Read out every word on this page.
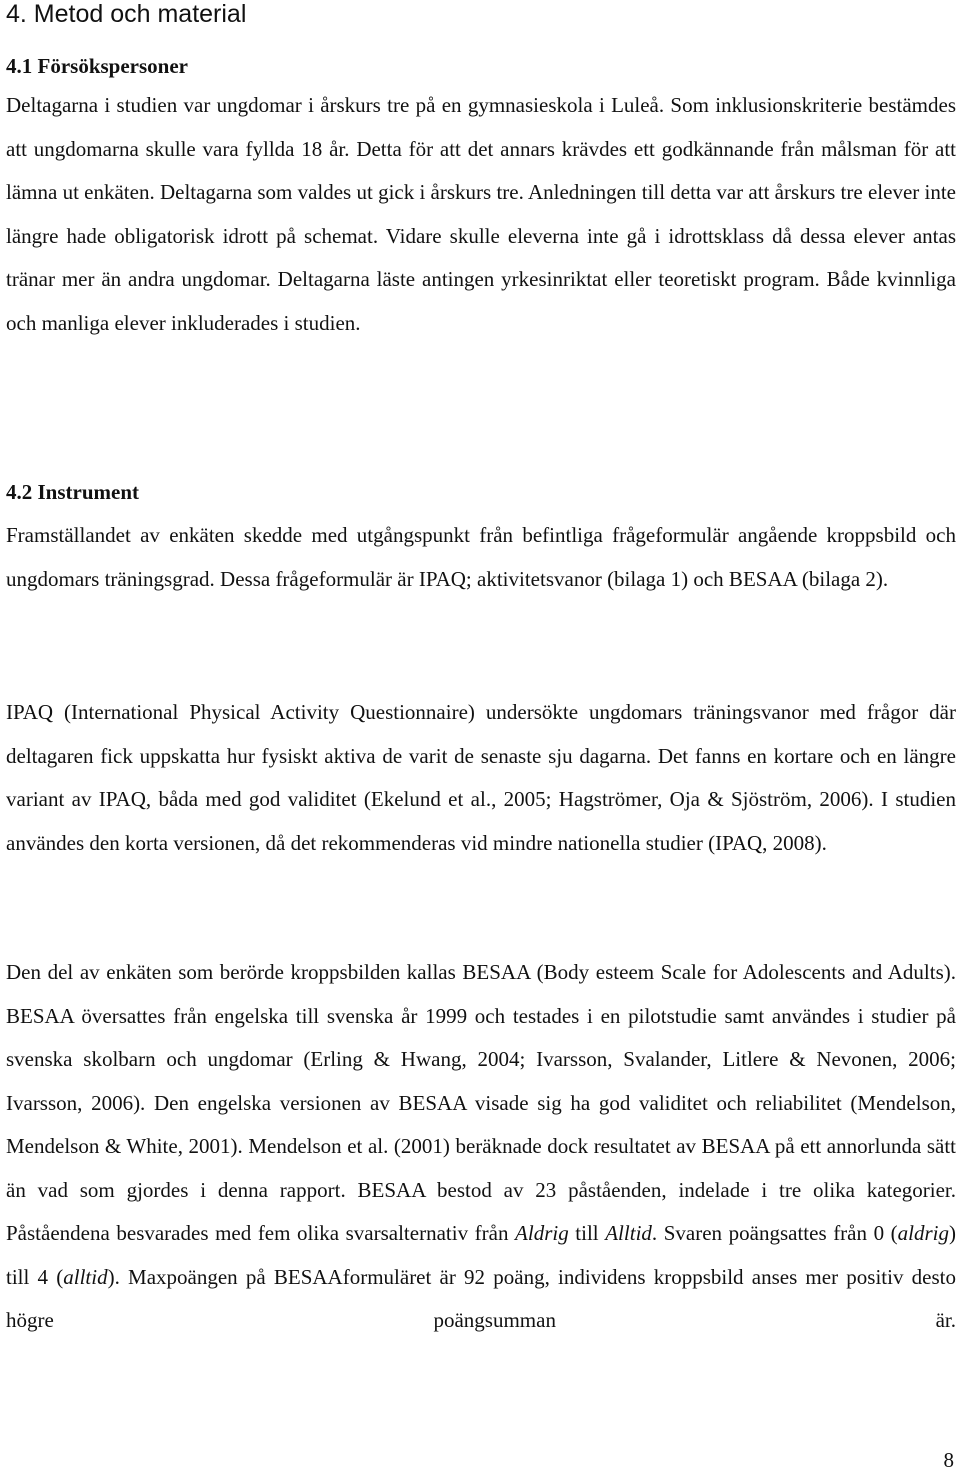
4. Metod och material
4.1 Försökspersoner

Deltagarna i studien var ungdomar i årskurs tre på en gymnasieskola i Luleå. Som inklusionskriterie bestämdes att ungdomarna skulle vara fyllda 18 år. Detta för att det annars krävdes ett godkännande från målsman för att lämna ut enkäten. Deltagarna som valdes ut gick i årskurs tre. Anledningen till detta var att årskurs tre elever inte längre hade obligatorisk idrott på schemat. Vidare skulle eleverna inte gå i idrottsklass då dessa elever antas tränar mer än andra ungdomar. Deltagarna läste antingen yrkesinriktat eller teoretiskt program. Både kvinnliga och manliga elever inkluderades i studien.

4.2 Instrument

Framställandet av enkäten skedde med utgångspunkt från befintliga frågeformulär angående kroppsbild och ungdomars träningsgrad. Dessa frågeformulär är IPAQ; aktivitetsvanor (bilaga 1) och BESAA (bilaga 2).

IPAQ (International Physical Activity Questionnaire) undersökte ungdomars träningsvanor med frågor där deltagaren fick uppskatta hur fysiskt aktiva de varit de senaste sju dagarna. Det fanns en kortare och en längre variant av IPAQ, båda med god validitet (Ekelund et al., 2005; Hagströmer, Oja & Sjöström, 2006). I studien användes den korta versionen, då det rekommenderas vid mindre nationella studier (IPAQ, 2008).

Den del av enkäten som berörde kroppsbilden kallas BESAA (Body esteem Scale for Adolescents and Adults). BESAA översattes från engelska till svenska år 1999 och testades i en pilotstudie samt användes i studier på svenska skolbarn och ungdomar (Erling & Hwang, 2004; Ivarsson, Svalander, Litlere & Nevonen, 2006; Ivarsson, 2006). Den engelska versionen av BESAA visade sig ha god validitet och reliabilitet (Mendelson, Mendelson & White, 2001). Mendelson et al. (2001) beräknade dock resultatet av BESAA på ett annorlunda sätt än vad som gjordes i denna rapport. BESAA bestod av 23 påståenden, indelade i tre olika kategorier. Påståendena besvarades med fem olika svarsalternativ från Aldrig till Alltid. Svaren poängsattes från 0 (aldrig) till 4 (alltid). Maxpoängen på BESAAformuläret är 92 poäng, individens kroppsbild anses mer positiv desto högre poängsumman är.

8
